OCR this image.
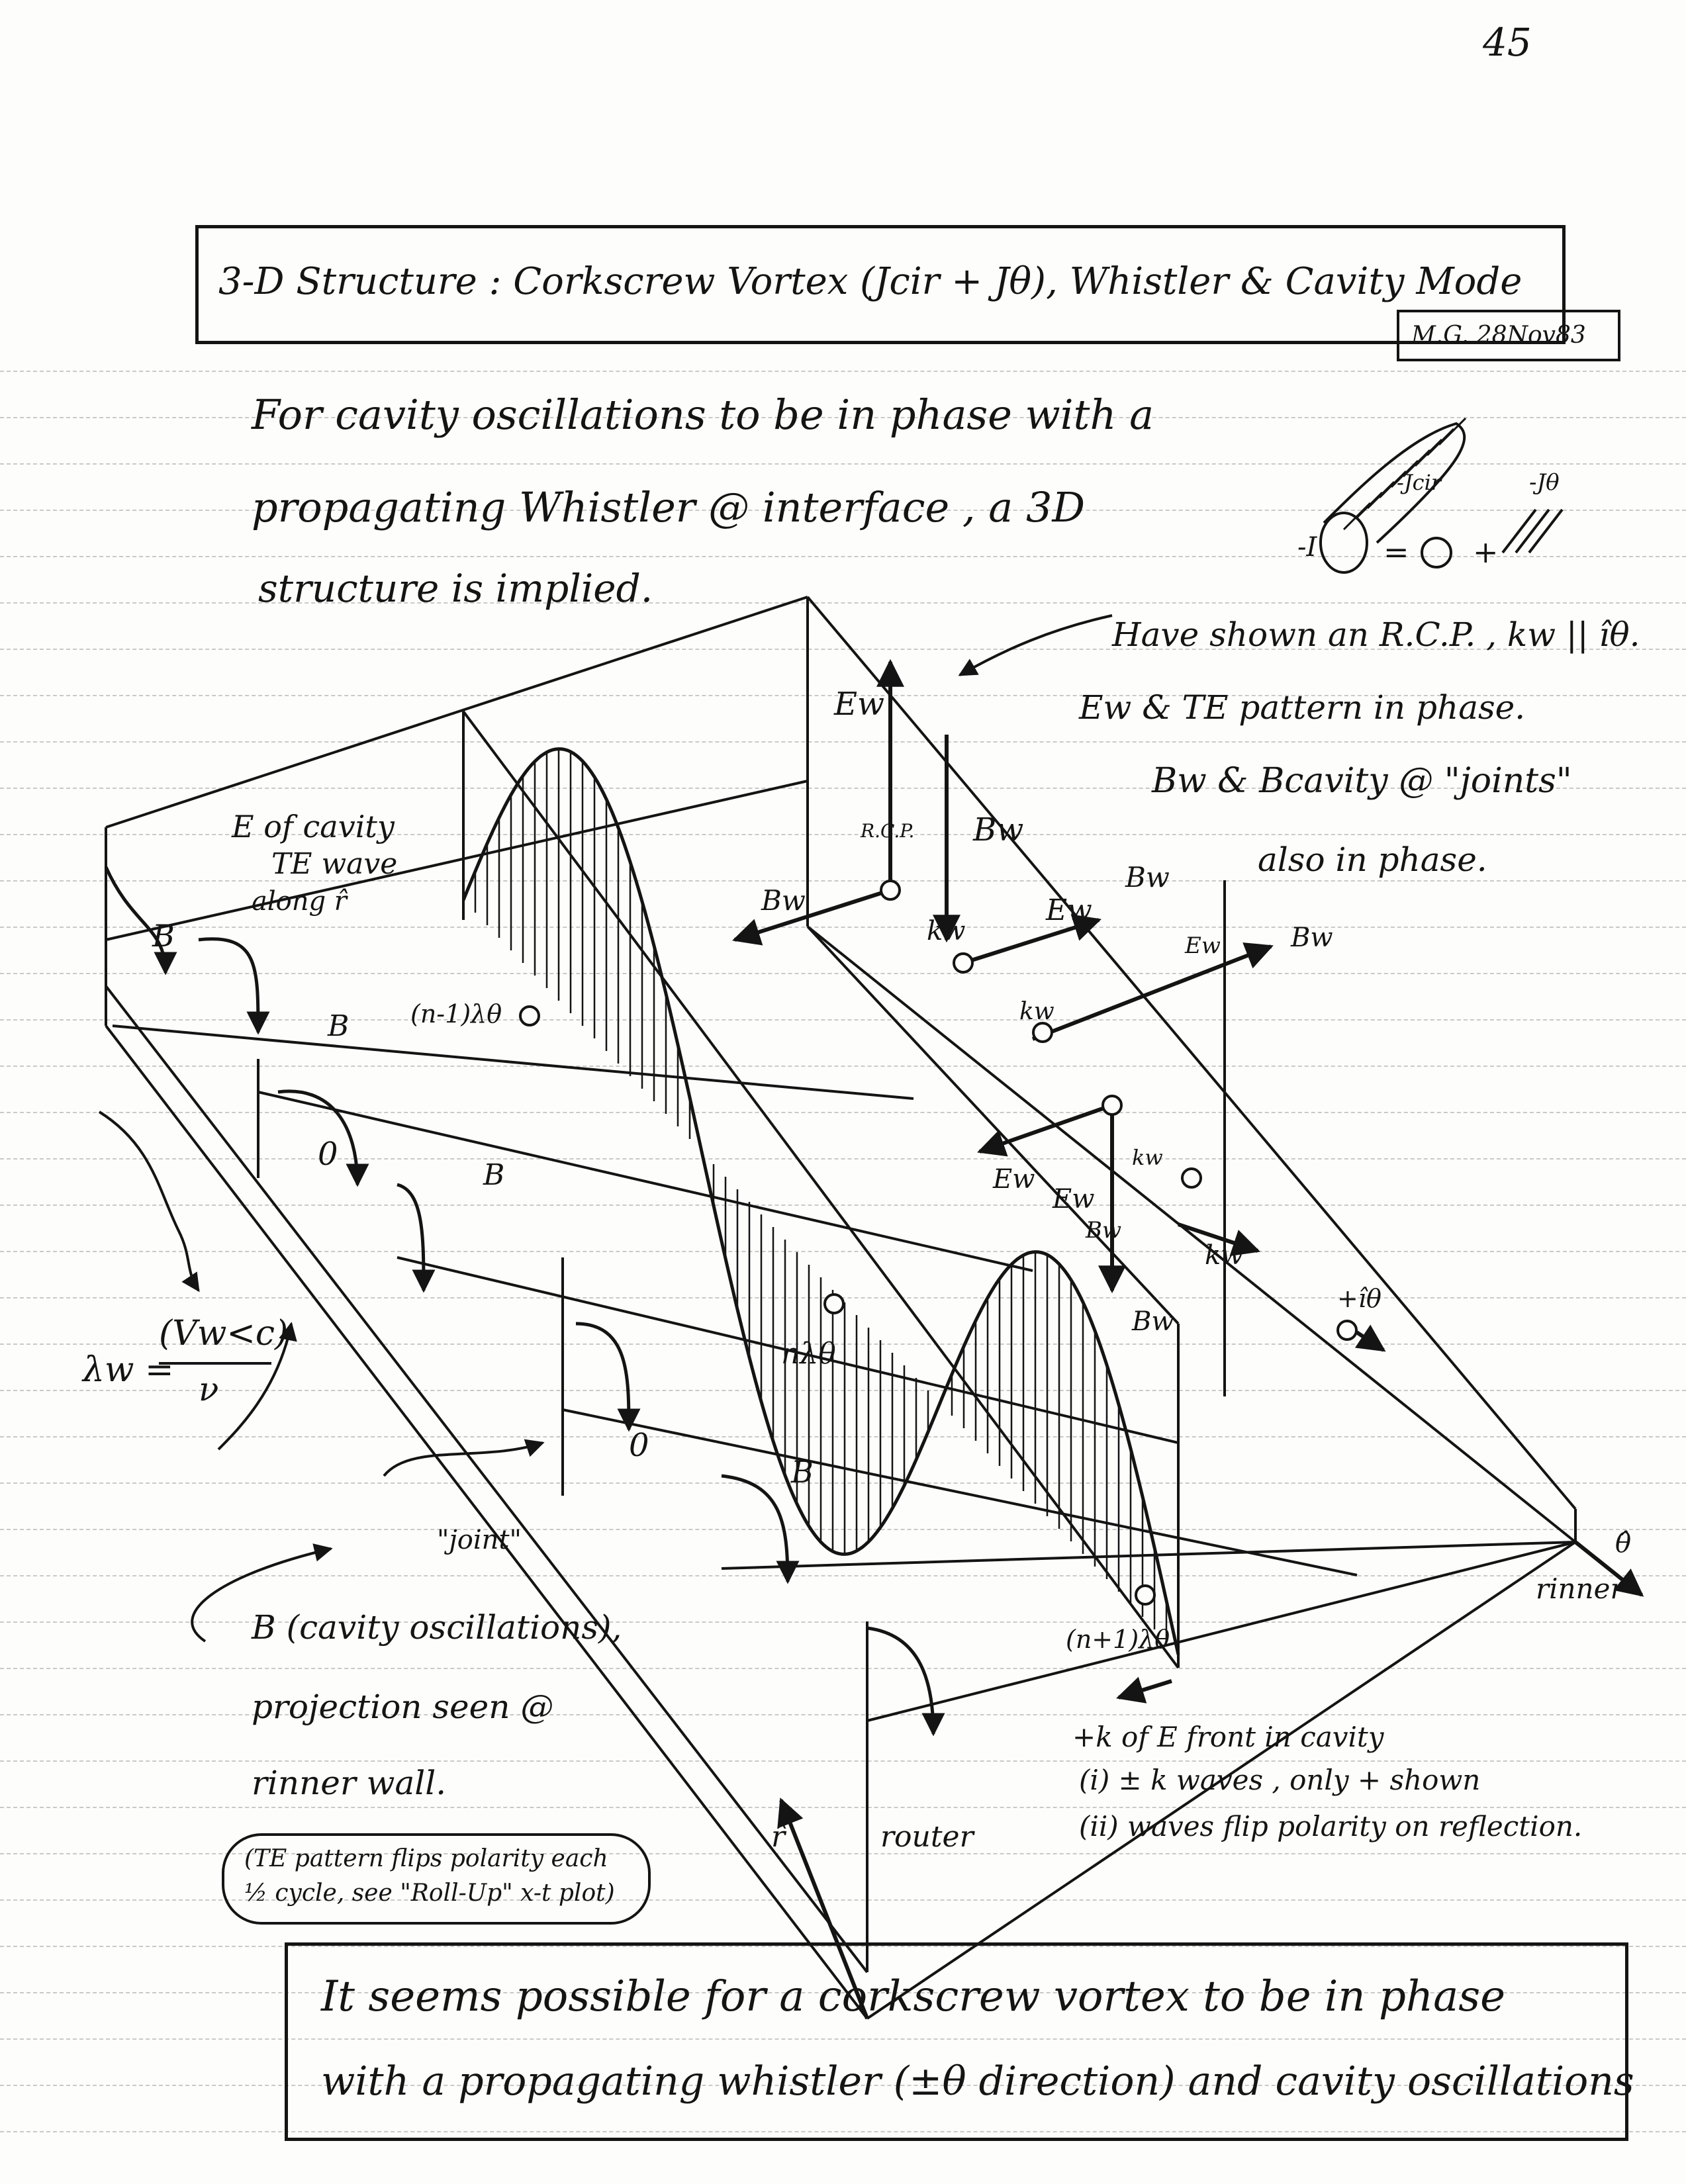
45
3-D Structure : Corkscrew Vortex (Jcir + Jθ), Whistler & Cavity Mode
M.G. 28Nov83
For cavity oscillations to be in phase with a
propagating Whistler @ interface , a 3D
structure is implied.
Have shown an R.C.P. , kw || îθ.
Ew & TE pattern in phase.
Bw & Bcavity @ "joints"
also in phase.
E of cavity
TE wave
along r̂
B
B
B
B
0
0
(n-1)λθ
nλθ
(n+1)λθ
"joint"
Ew
Bw
R.C.P.
Bw
kw
Ew
Bw
Ew	Bw
kw
Ew
Ew
Bw
Bw
kw
kw
+îθ
θ̂
rinner
router
r̂
-I
-Jcir	-Jθ
= +
λw =
(Vw<c)
ν
B (cavity oscillations),
projection seen @
rinner wall.
(TE pattern flips polarity each
½ cycle, see "Roll-Up" x-t plot)
+k of E front in cavity
(i) ± k waves , only + shown
(ii) waves flip polarity on reflection.
It seems possible for a corkscrew vortex to be in phase
with a propagating whistler (±θ direction) and cavity oscillations
